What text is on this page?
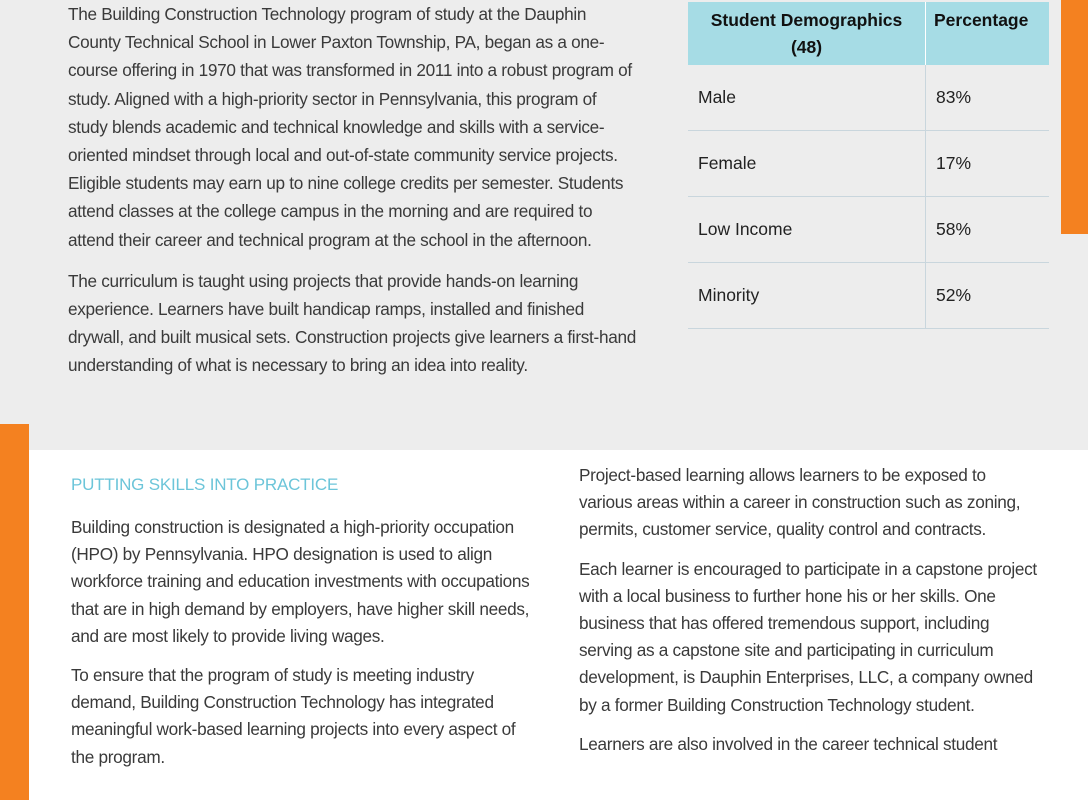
The Building Construction Technology program of study at the Dauphin County Technical School in Lower Paxton Township, PA, began as a one-course offering in 1970 that was transformed in 2011 into a robust program of study. Aligned with a high-priority sector in Pennsylvania, this program of study blends academic and technical knowledge and skills with a service-oriented mindset through local and out-of-state community service projects. Eligible students may earn up to nine college credits per semester. Students attend classes at the college campus in the morning and are required to attend their career and technical program at the school in the afternoon.

The curriculum is taught using projects that provide hands-on learning experience. Learners have built handicap ramps, installed and finished drywall, and built musical sets. Construction projects give learners a first-hand understanding of what is necessary to bring an idea into reality.

Student Demographics (48)	Percentage
Male	83%
Female	17%
Low Income	58%
Minority	52%

PUTTING SKILLS INTO PRACTICE

Building construction is designated a high-priority occupation (HPO) by Pennsylvania. HPO designation is used to align workforce training and education investments with occupations that are in high demand by employers, have higher skill needs, and are most likely to provide living wages.

To ensure that the program of study is meeting industry demand, Building Construction Technology has integrated meaningful work-based learning projects into every aspect of the program.

Project-based learning allows learners to be exposed to various areas within a career in construction such as zoning, permits, customer service, quality control and contracts.

Each learner is encouraged to participate in a capstone project with a local business to further hone his or her skills. One business that has offered tremendous support, including serving as a capstone site and participating in curriculum development, is Dauphin Enterprises, LLC, a company owned by a former Building Construction Technology student.

Learners are also involved in the career technical student
